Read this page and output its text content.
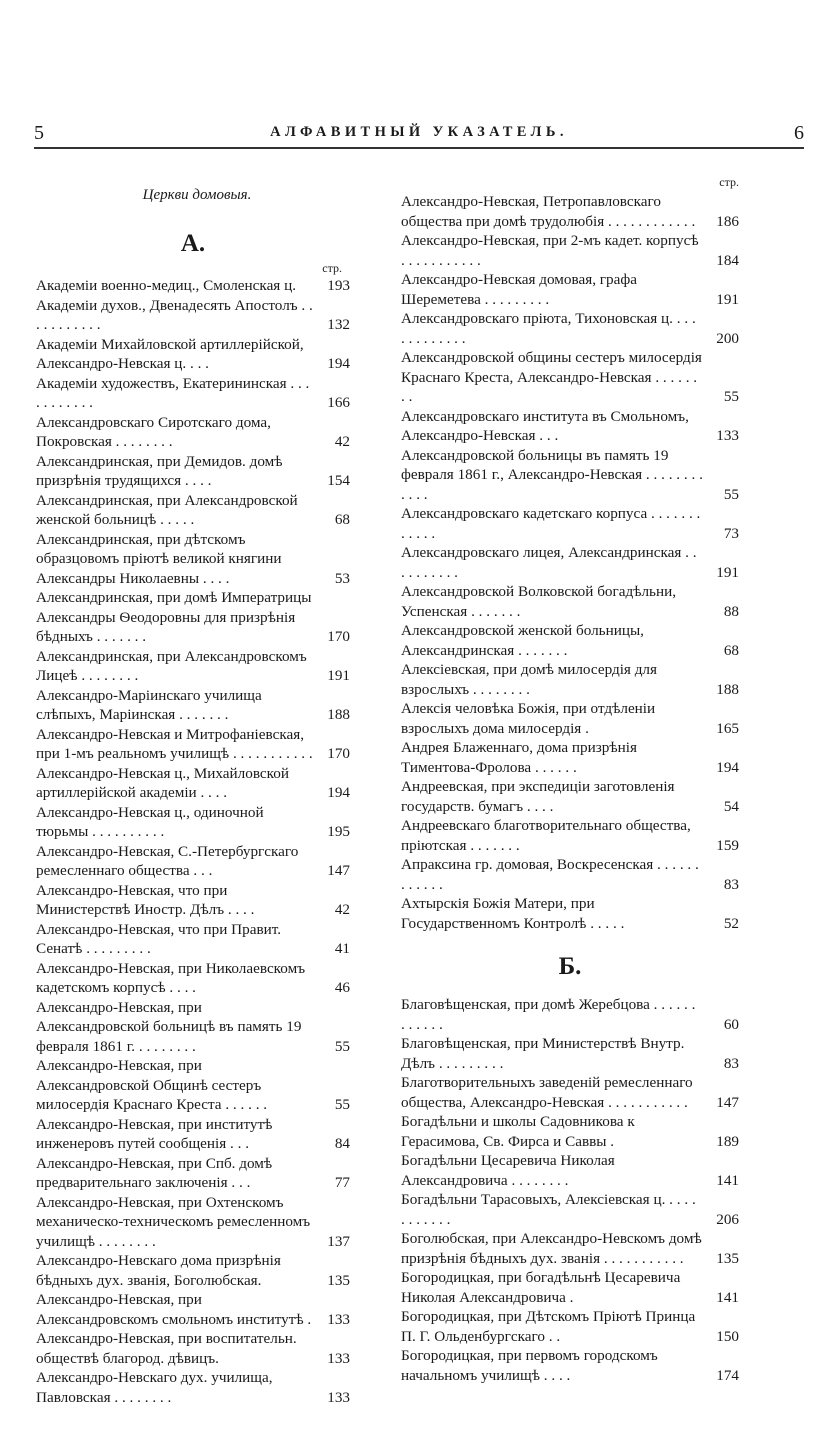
5	АЛФАВИТНЫЙ УКАЗАТЕЛЬ.	6
Церкви домовыя.
А.
стр.
Академіи военно-медиц., Смоленская ц.	193
Академіи духов., Двенадесять Апостолъ . . . . . . . . . . .	132
Академіи Михайловской артиллерійской, Александро-Невская ц. . . .	194
Академіи художествъ, Екатерининская . . . . . . . . . . .	166
Александровскаго Сиротскаго дома, Покровская . . . . . . . .	42
Александринская, при Демидов. домѣ призрѣнія трудящихся . . . .	154
Александринская, при Александровской женской больницѣ . . . . .	68
Александринская, при дѣтскомъ образцовомъ пріютѣ великой княгини Александры Николаевны . . . .	53
Александринская, при домѣ Императрицы Александры Ѳеодоровны для призрѣнія бѣдныхъ . . . . . . .	170
Александринская, при Александровскомъ Лицеѣ . . . . . . . .	191
Александро-Маріинскаго училища слѣпыхъ, Маріинская . . . . . . .	188
Александро-Невская и Митрофаніевская, при 1-мъ реальномъ училищѣ . . . . . . . . . . . 170
Александро-Невская ц., Михайловской артиллерійской академіи . . . .	194
Александро-Невская ц., одиночной тюрьмы . . . . . . . . . .	195
Александро-Невская, С.-Петербургскаго ремесленнаго общества . . .	147
Александро-Невская, что при Министерствѣ Иностр. Дѣлъ . . . .	42
Александро-Невская, что при Правит. Сенатѣ . . . . . . . . .	41
Александро-Невская, при Николаевскомъ кадетскомъ корпусѣ . . . .	46
Александро-Невская, при Александровской больницѣ въ память 19 февраля 1861 г. . . . . . . . .	55
Александро-Невская, при Александровской Общинѣ сестеръ милосердія Краснаго Креста . . . . . .	55
Александро-Невская, при институтѣ инженеровъ путей сообщенія . . .	84
Александро-Невская, при Спб. домѣ предварительнаго заключенія . . .	77
Александро-Невская, при Охтенскомъ механическо-техническомъ ремесленномъ училищѣ . . . . . . . .	137
Александро-Невскаго дома призрѣнія бѣдныхъ дух. званія, Боголюбская.	135
Александро-Невская, при Александровскомъ смольномъ институтѣ .	133
Александро-Невская, при воспитательн. обществѣ благород. дѣвицъ.	133
Александро-Невскаго дух. училища, Павловская . . . . . . . .	133
стр.
Александро-Невская, Петропавловскаго общества при домѣ трудолюбія . . . . . . . . . . . .	186
Александро-Невская, при 2-мъ кадет. корпусѣ . . . . . . . . . . .	184
Александро-Невская домовая, графа Шереметева . . . . . . . . .	191
Александровскаго пріюта, Тихоновская ц. . . . . . . . . . . . .	200
Александровской общины сестеръ милосердія Краснаго Креста, Александро-Невская . . . . . . . .	55
Александровскаго института въ Смольномъ, Александро-Невская . . .	133
Александровской больницы въ память 19 февраля 1861 г., Александро-Невская . . . . . . . . . . . .	55
Александровскаго кадетскаго корпуса . . . . . . . . . . . .	73
Александровскаго лицея, Александринская . . . . . . . . . .	191
Александровской Волковской богадѣльни, Успенская . . . . . . .	88
Александровской женской больницы, Александринская . . . . . . .	68
Алексіевская, при домѣ милосердія для взрослыхъ . . . . . . . .	188
Алексія человѣка Божія, при отдѣленіи взрослыхъ дома милосердія .	165
Андрея Блаженнаго, дома призрѣнія Тиментова-Фролова . . . . . .	194
Андреевская, при экспедиціи заготовленія государств. бумагъ . . . .	54
Андреевскаго благотворительнаго общества, пріютская . . . . . . .	159
Апраксина гр. домовая, Воскресенская . . . . . . . . . . . .	83
Ахтырскія Божія Матери, при Государственномъ Контролѣ . . . . .	52
Б.
Благовѣщенская, при домѣ Жеребцова . . . . . . . . . . . .	60
Благовѣщенская, при Министерствѣ Внутр. Дѣлъ . . . . . . . . .	83
Благотворительныхъ заведеній ремесленнаго общества, Александро-Невская . . . . . . . . . . .	147
Богадѣльни и школы Садовникова к Герасимова, Св. Фирса и Саввы .	189
Богадѣльни Цесаревича Николая Александровича . . . . . . . .	141
Богадѣльни Тарасовыхъ, Алексіевская ц. . . . . . . . . . . .	206
Боголюбская, при Александро-Невскомъ домѣ призрѣнія бѣдныхъ дух. званія . . . . . . . . . . .	135
Богородицкая, при богадѣльнѣ Цесаревича Николая Александровича .	141
Богородицкая, при Дѣтскомъ Пріютѣ Принца П. Г. Ольденбургскаго . .	150
Богородицкая, при первомъ городскомъ начальномъ училищѣ . . . .	174
